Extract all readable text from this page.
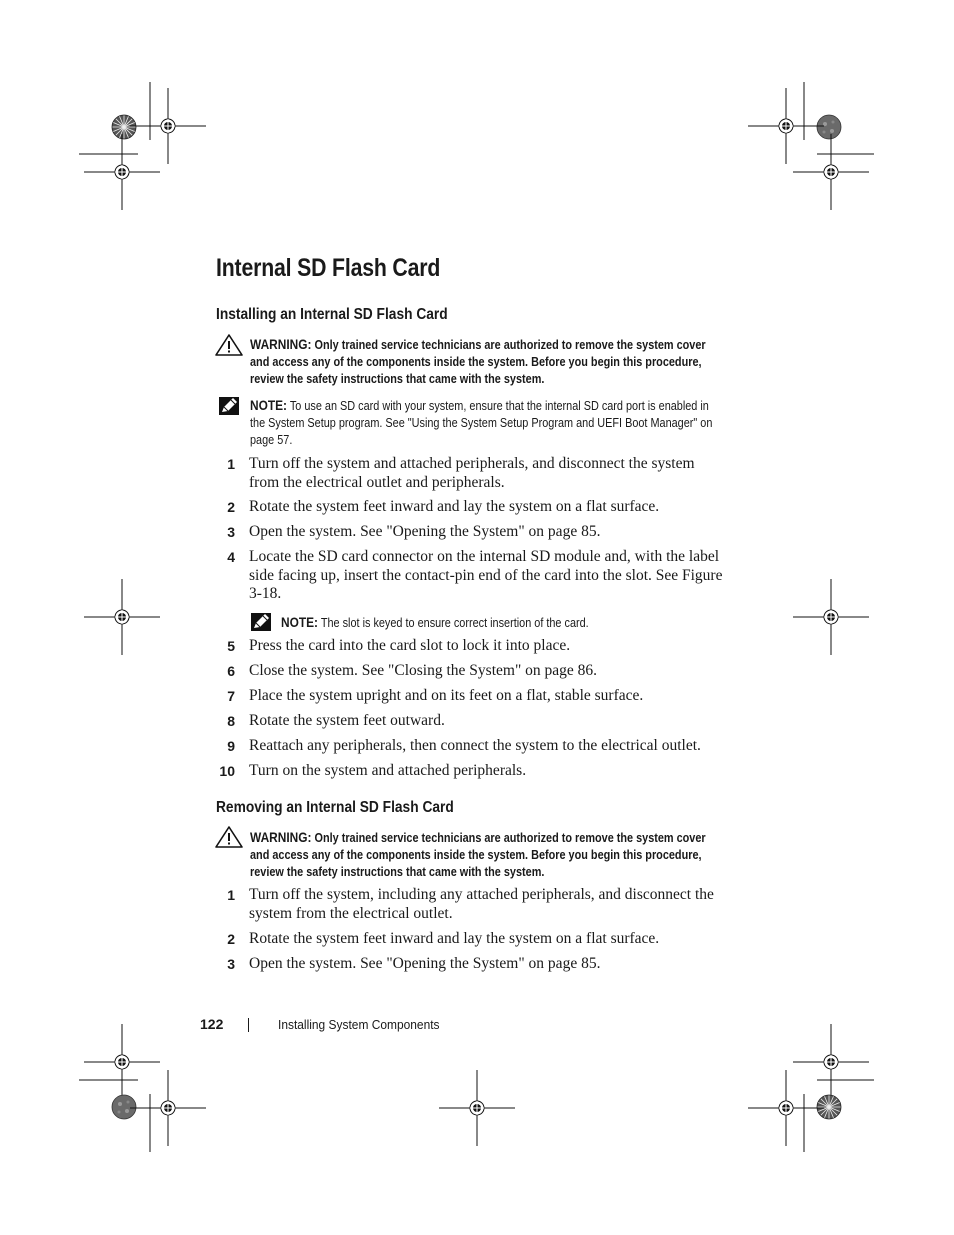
Internal SD Flash Card
Installing an Internal SD Flash Card

WARNING: Only trained service technicians are authorized to remove the system cover and access any of the components inside the system. Before you begin this procedure, review the safety instructions that came with the system.

NOTE: To use an SD card with your system, ensure that the internal SD card port is enabled in the System Setup program. See "Using the System Setup Program and UEFI Boot Manager" on page 57.

1 Turn off the system and attached peripherals, and disconnect the system from the electrical outlet and peripherals.

2 Rotate the system feet inward and lay the system on a flat surface.

3 Open the system. See "Opening the System" on page 85.

4 Locate the SD card connector on the internal SD module and, with the label side facing up, insert the contact-pin end of the card into the slot. See Figure 3-18.

5 Press the card into the card slot to lock it into place.

6 Close the system. See "Closing the System" on page 86.

7 Place the system upright and on its feet on a flat, stable surface.

8 Rotate the system feet outward.

9 Reattach any peripherals, then connect the system to the electrical outlet.

10 Turn on the system and attached peripherals.

NOTE: The slot is keyed to ensure correct insertion of the card.

Removing an Internal SD Flash Card

WARNING: Only trained service technicians are authorized to remove the system cover and access any of the components inside the system. Before you begin this procedure, review the safety instructions that came with the system.

1 Turn off the system, including any attached peripherals, and disconnect the system from the electrical outlet.

2 Rotate the system feet inward and lay the system on a flat surface.

3 Open the system. See "Opening the System" on page 85.

122	Installing System Components
